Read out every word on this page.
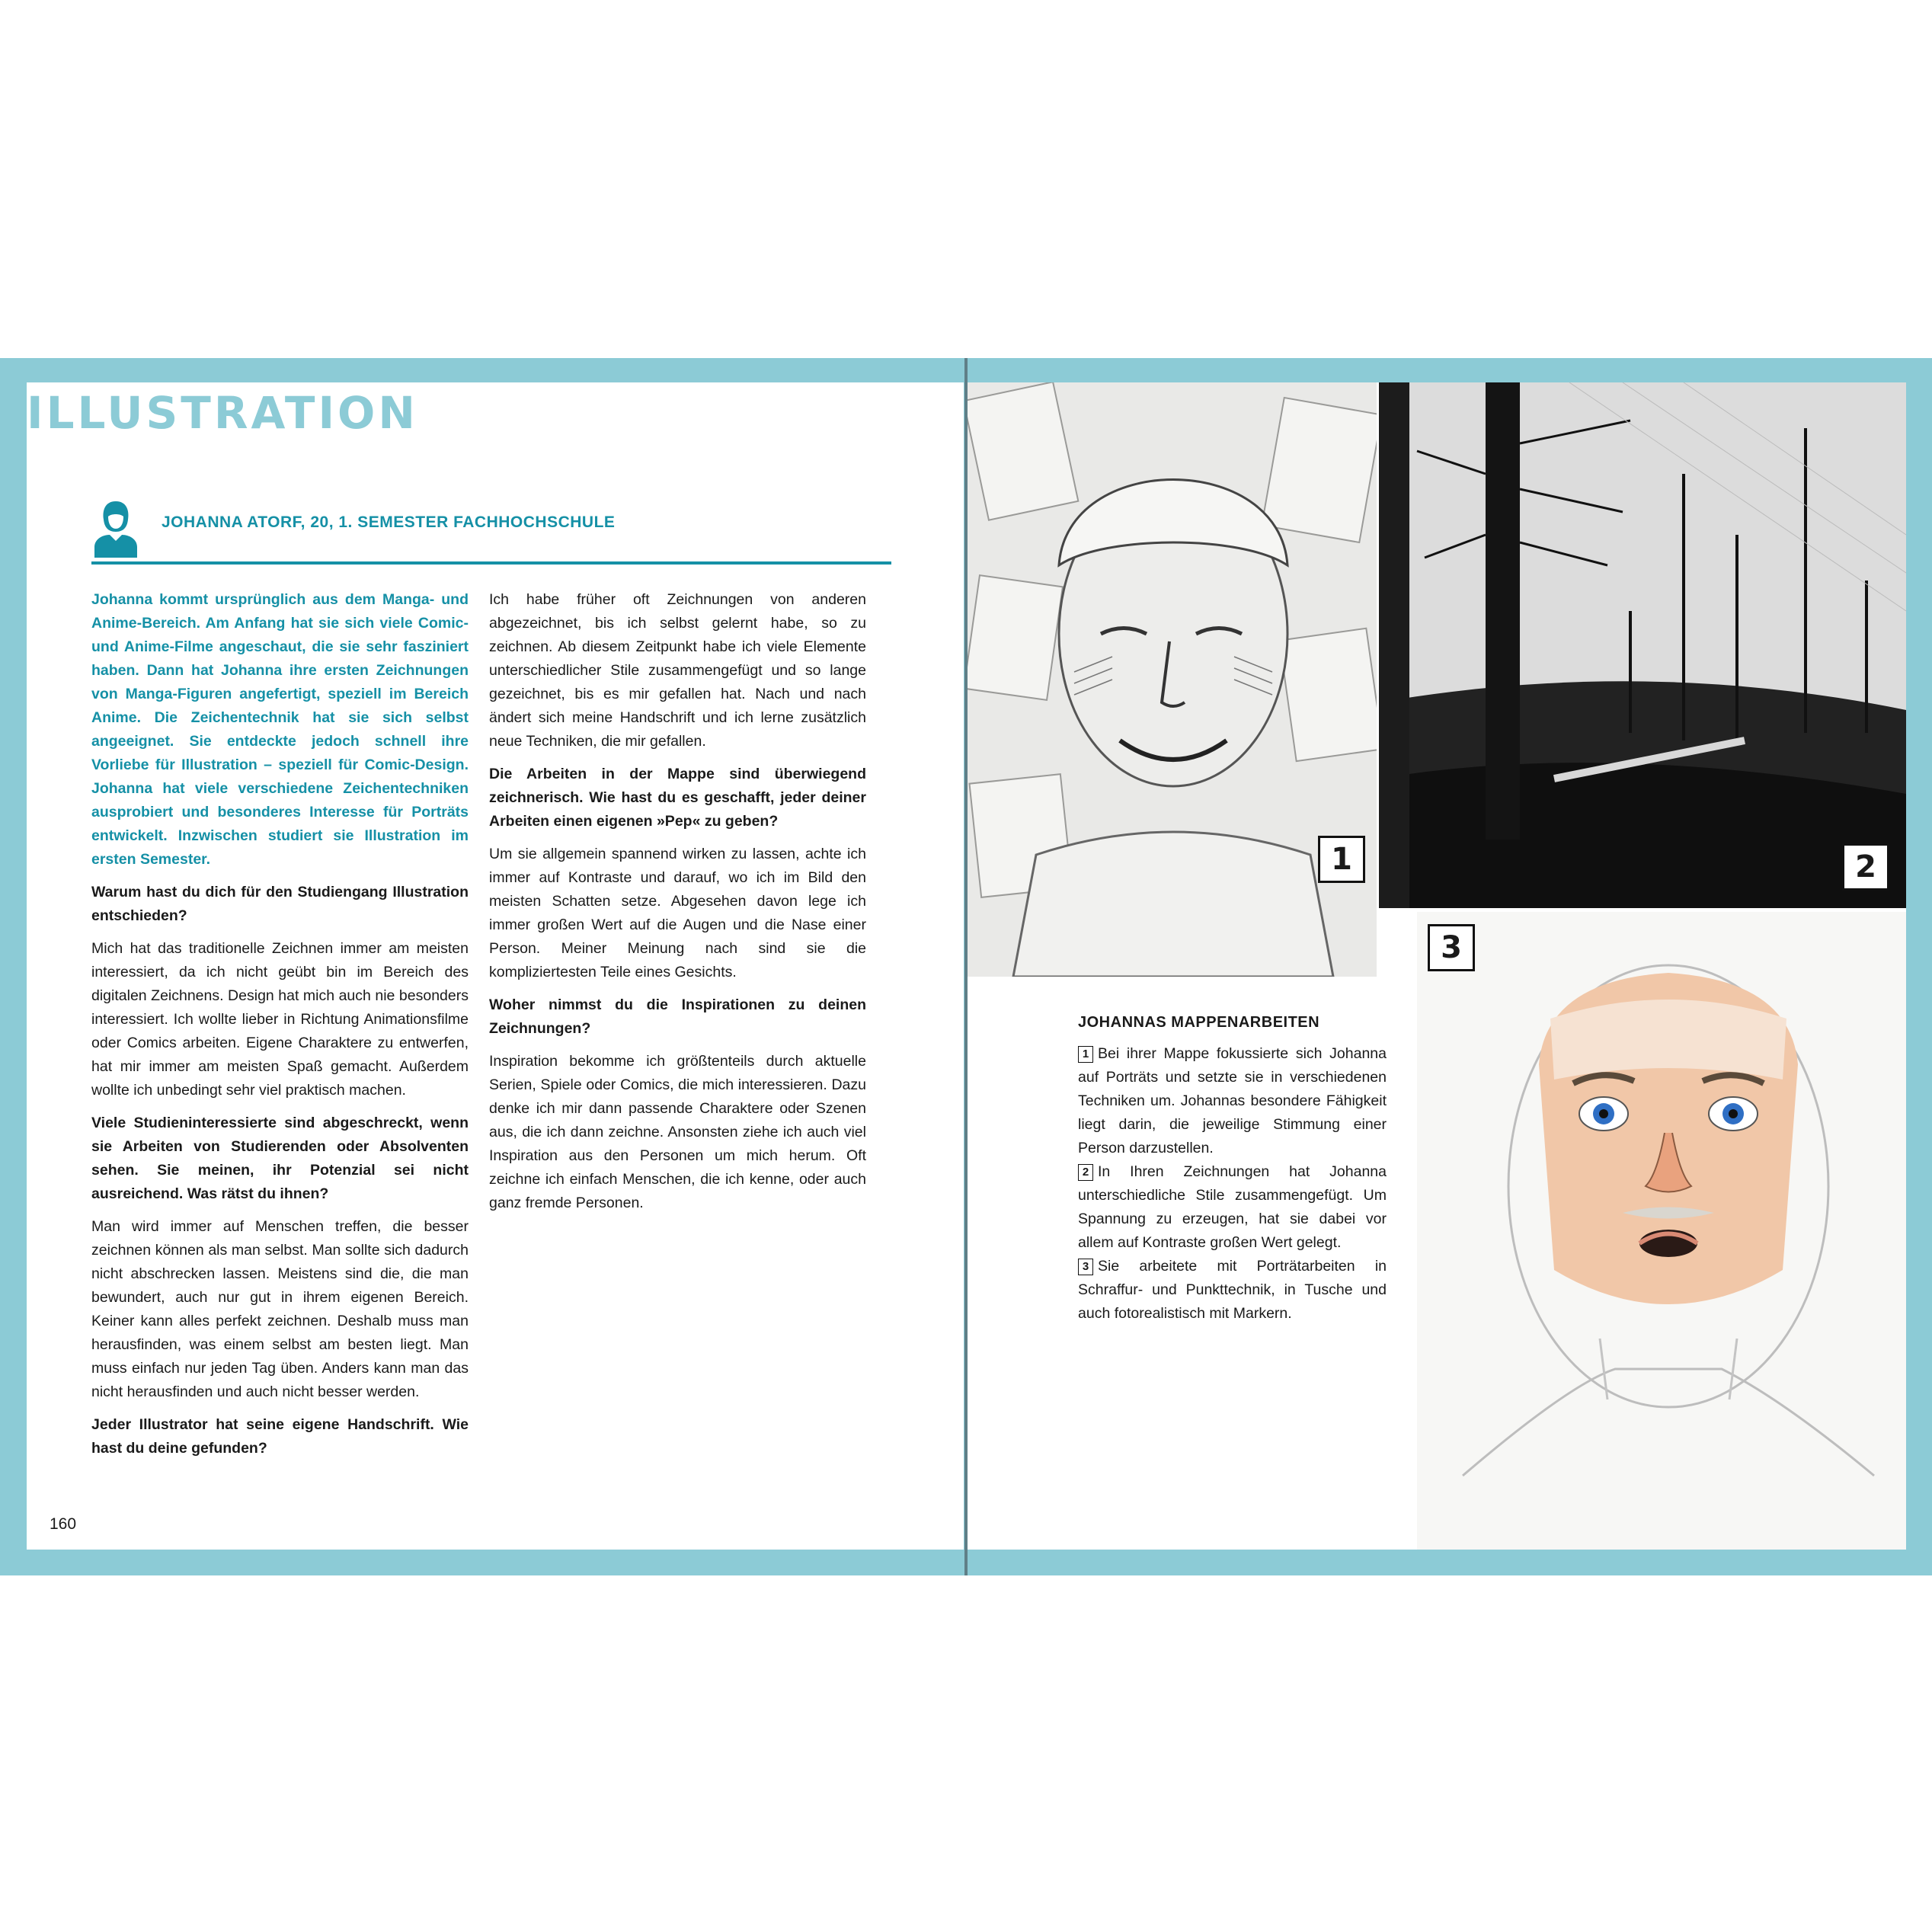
ILLUSTRATION
JOHANNA ATORF, 20, 1. SEMESTER FACHHOCHSCHULE

Johanna kommt ursprünglich aus dem Manga- und Anime-Bereich. Am Anfang hat sie sich viele Comic- und Anime-Filme angeschaut, die sie sehr fasziniert haben. Dann hat Johanna ihre ersten Zeichnungen von Manga-Figuren angefertigt, speziell im Bereich Anime. Die Zeichentechnik hat sie sich selbst angeeignet. Sie entdeckte jedoch schnell ihre Vorliebe für Illustration – speziell für Comic-Design. Johanna hat viele verschiedene Zeichentechniken ausprobiert und besonderes Interesse für Porträts entwickelt. Inzwischen studiert sie Illustration im ersten Semester.

Warum hast du dich für den Studiengang Illustration entschieden?

Mich hat das traditionelle Zeichnen immer am meisten interessiert, da ich nicht geübt bin im Bereich des digitalen Zeichnens. Design hat mich auch nie besonders interessiert. Ich wollte lieber in Richtung Animationsfilme oder Comics arbeiten. Eigene Charaktere zu entwerfen, hat mir immer am meisten Spaß gemacht. Außerdem wollte ich unbedingt sehr viel praktisch machen.

Viele Studieninteressierte sind abgeschreckt, wenn sie Arbeiten von Studierenden oder Absolventen sehen. Sie meinen, ihr Potenzial sei nicht ausreichend. Was rätst du ihnen?

Man wird immer auf Menschen treffen, die besser zeichnen können als man selbst. Man sollte sich dadurch nicht abschrecken lassen. Meistens sind die, die man bewundert, auch nur gut in ihrem eigenen Bereich. Keiner kann alles perfekt zeichnen. Deshalb muss man herausfinden, was einem selbst am besten liegt. Man muss einfach nur jeden Tag üben. Anders kann man das nicht herausfinden und auch nicht besser werden.

Jeder Illustrator hat seine eigene Handschrift. Wie hast du deine gefunden?

Ich habe früher oft Zeichnungen von anderen abgezeichnet, bis ich selbst gelernt habe, so zu zeichnen. Ab diesem Zeitpunkt habe ich viele Elemente unterschiedlicher Stile zusammengefügt und so lange gezeichnet, bis es mir gefallen hat. Nach und nach ändert sich meine Handschrift und ich lerne zusätzlich neue Techniken, die mir gefallen.

Die Arbeiten in der Mappe sind überwiegend zeichnerisch. Wie hast du es geschafft, jeder deiner Arbeiten einen eigenen »Pep« zu geben?

Um sie allgemein spannend wirken zu lassen, achte ich immer auf Kontraste und darauf, wo ich im Bild den meisten Schatten setze. Abgesehen davon lege ich immer großen Wert auf die Augen und die Nase einer Person. Meiner Meinung nach sind sie die kompliziertesten Teile eines Gesichts.

Woher nimmst du die Inspirationen zu deinen Zeichnungen?

Inspiration bekomme ich größtenteils durch aktuelle Serien, Spiele oder Comics, die mich interessieren. Dazu denke ich mir dann passende Charaktere oder Szenen aus, die ich dann zeichne. Ansonsten ziehe ich auch viel Inspiration aus den Personen um mich herum. Oft zeichne ich einfach Menschen, die ich kenne, oder auch ganz fremde Personen.

160
1	2
3
JOHANNAS MAPPENARBEITEN

1 Bei ihrer Mappe fokussierte sich Johanna auf Porträts und setzte sie in verschiedenen Techniken um. Johannas besondere Fähigkeit liegt darin, die jeweilige Stimmung einer Person darzustellen.

2 In Ihren Zeichnungen hat Johanna unterschiedliche Stile zusammengefügt. Um Spannung zu erzeugen, hat sie dabei vor allem auf Kontraste großen Wert gelegt.

3 Sie arbeitete mit Porträtarbeiten in Schraffur- und Punkttechnik, in Tusche und auch fotorealistisch mit Markern.
